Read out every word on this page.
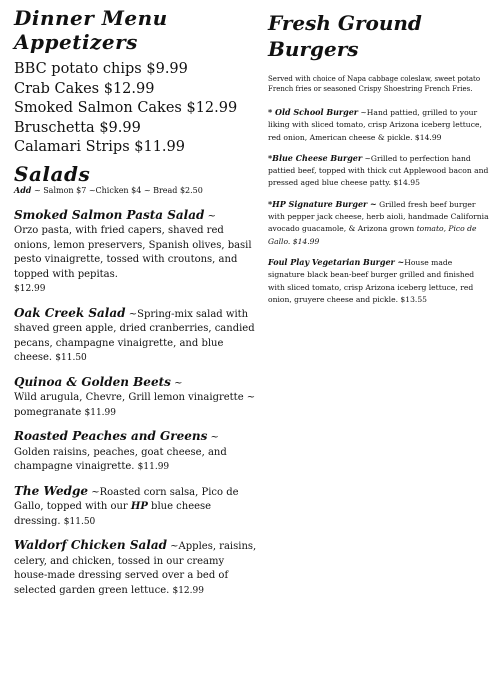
Dinner Menu
Appetizers
BBC potato chips $9.99
Crab Cakes $12.99
Smoked Salmon Cakes $12.99
Bruschetta $9.99
Calamari Strips $11.99
Salads
Add ~ Salmon $7 ~Chicken $4 ~ Bread $2.50
Smoked Salmon Pasta Salad ~
Orzo pasta, with fried capers, shaved red onions, lemon preservers, Spanish olives, basil pesto vinaigrette, tossed with croutons, and topped with pepitas.
$12.99
Oak Creek Salad ~Spring-mix salad with shaved green apple, dried cranberries, candied pecans, champagne vinaigrette, and blue cheese. $11.50
Quinoa & Golden Beets ~
Wild arugula, Chevre, Grill lemon vinaigrette ~ pomegranate $11.99
Roasted Peaches and Greens ~
Golden raisins, peaches, goat cheese, and champagne vinaigrette. $11.99
The Wedge ~Roasted corn salsa, Pico de Gallo, topped with our HP blue cheese dressing. $11.50
Waldorf Chicken Salad ~Apples, raisins, celery, and chicken, tossed in our creamy house-made dressing served over a bed of selected garden green lettuce. $12.99
Fresh Ground
Burgers
Served with choice of Napa cabbage coleslaw, sweet potato French fries or seasoned Crispy Shoestring French Fries.
* Old School Burger ~Hand pattied, grilled to your liking with sliced tomato, crisp Arizona iceberg lettuce, red onion, American cheese & pickle. $14.99
*Blue Cheese Burger ~Grilled to perfection hand pattied beef, topped with thick cut Applewood bacon and pressed aged blue cheese patty. $14.95
*HP Signature Burger ~ Grilled fresh beef burger with pepper jack cheese, herb aioli, handmade California avocado guacamole, & Arizona grown tomato, Pico de Gallo. $14.99
Foul Play Vegetarian Burger ~House made signature black bean-beef burger grilled and finished with sliced tomato, crisp Arizona iceberg lettuce, red onion, gruyere cheese and pickle. $13.55
